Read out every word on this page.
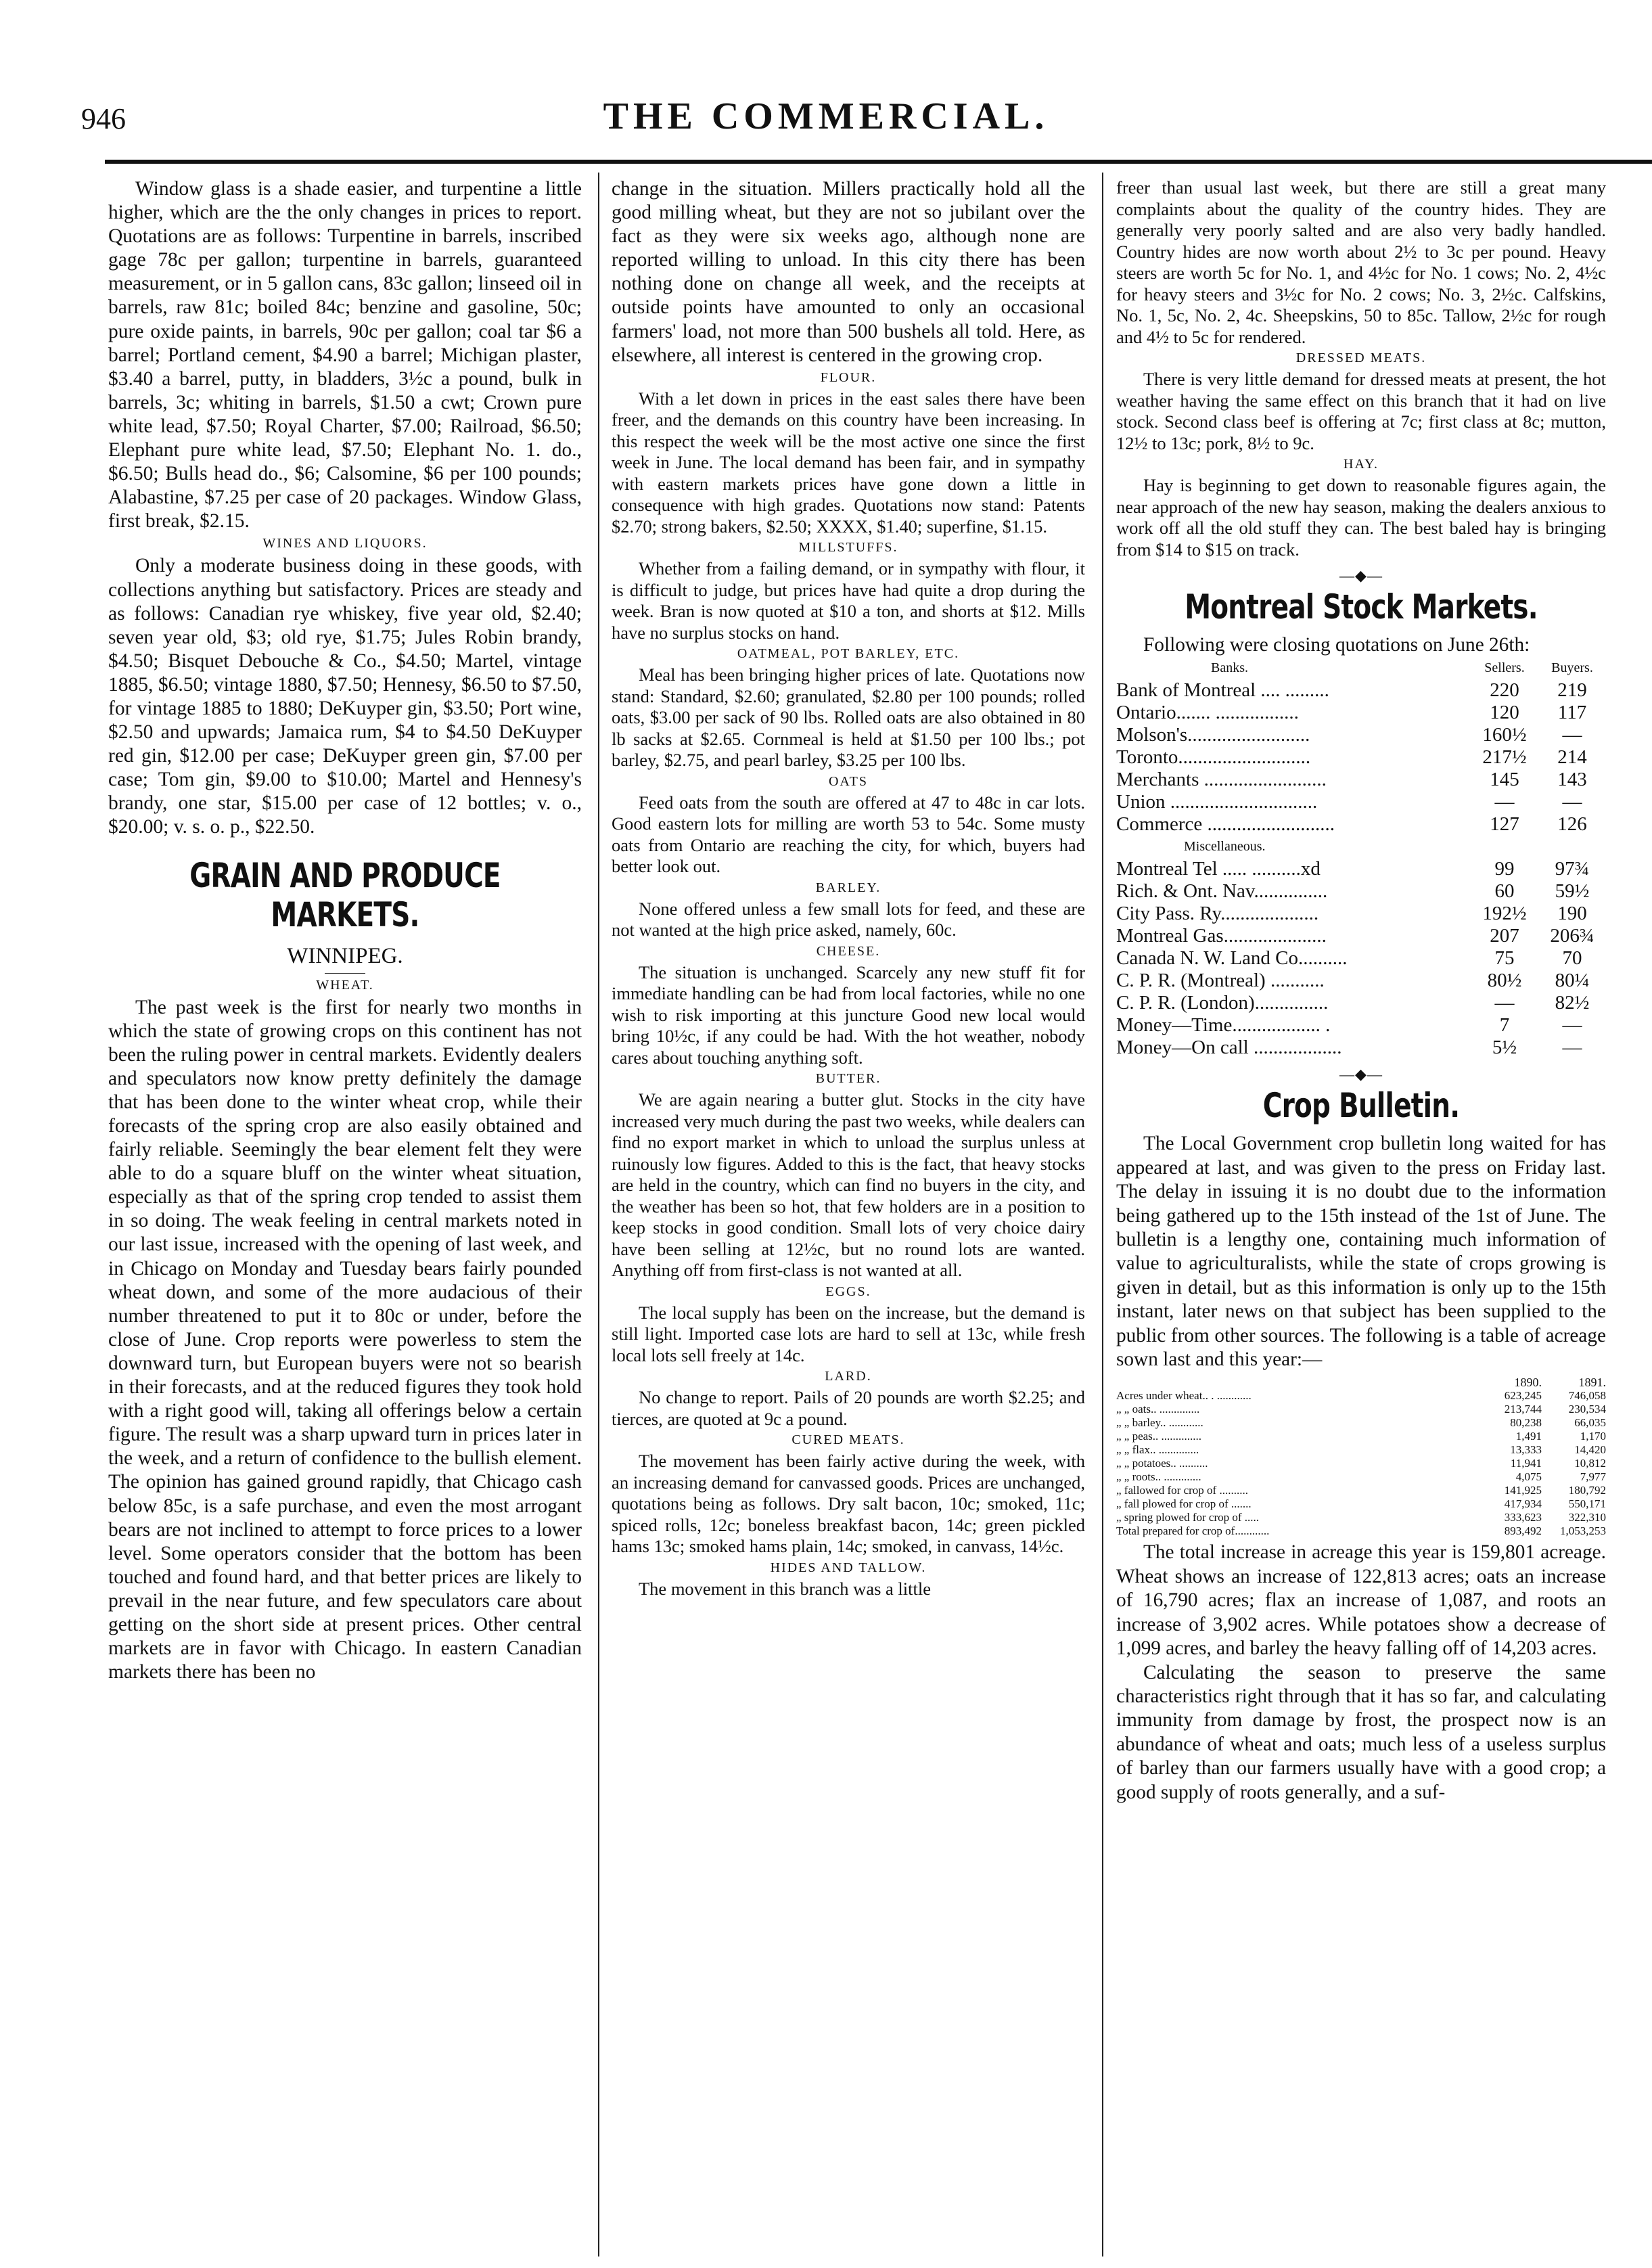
946	THE COMMERCIAL.

Window glass is a shade easier, and turpentine a little higher, which are the the only changes in prices to report. Quotations are as follows: Turpentine in barrels, inscribed gage 78c per gallon; turpentine in barrels, guaranteed measurement, or in 5 gallon cans, 83c gallon; linseed oil in barrels, raw 81c; boiled 84c; benzine and gasoline, 50c; pure oxide paints, in barrels, 90c per gallon; coal tar $6 a barrel; Portland cement, $4.90 a barrel; Michigan plaster, $3.40 a barrel, putty, in bladders, 3½c a pound, bulk in barrels, 3c; whiting in barrels, $1.50 a cwt; Crown pure white lead, $7.50; Royal Charter, $7.00; Railroad, $6.50; Elephant pure white lead, $7.50; Elephant No. 1. do., $6.50; Bulls head do., $6; Calsomine, $6 per 100 pounds; Alabastine, $7.25 per case of 20 packages. Window Glass, first break, $2.15.

WINES AND LIQUORS.

Only a moderate business doing in these goods, with collections anything but satisfactory. Prices are steady and as follows: Canadian rye whiskey, five year old, $2.40; seven year old, $3; old rye, $1.75; Jules Robin brandy, $4.50; Bisquet Debouche & Co., $4.50; Martel, vintage 1885, $6.50; vintage 1880, $7.50; Hennesy, $6.50 to $7.50, for vintage 1885 to 1880; DeKuyper gin, $3.50; Port wine, $2.50 and upwards; Jamaica rum, $4 to $4.50 DeKuyper red gin, $12.00 per case; DeKuyper green gin, $7.00 per case; Tom gin, $9.00 to $10.00; Martel and Hennesy's brandy, one star, $15.00 per case of 12 bottles; v. o., $20.00; v. s. o. p., $22.50.

GRAIN AND PRODUCE MARKETS.
WINNIPEG.
WHEAT.

The past week is the first for nearly two months in which the state of growing crops on this continent has not been the ruling power in central markets. Evidently dealers and speculators now know pretty definitely the damage that has been done to the winter wheat crop, while their forecasts of the spring crop are also easily obtained and fairly reliable. Seemingly the bear element felt they were able to do a square bluff on the winter wheat situation, especially as that of the spring crop tended to assist them in so doing. The weak feeling in central markets noted in our last issue, increased with the opening of last week, and in Chicago on Monday and Tuesday bears fairly pounded wheat down, and some of the more audacious of their number threatened to put it to 80c or under, before the close of June. Crop reports were powerless to stem the downward turn, but European buyers were not so bearish in their forecasts, and at the reduced figures they took hold with a right good will, taking all offerings below a certain figure. The result was a sharp upward turn in prices later in the week, and a return of confidence to the bullish element. The opinion has gained ground rapidly, that Chicago cash below 85c, is a safe purchase, and even the most arrogant bears are not inclined to attempt to force prices to a lower level. Some operators consider that the bottom has been touched and found hard, and that better prices are likely to prevail in the near future, and few speculators care about getting on the short side at present prices. Other central markets are in favor with Chicago. In eastern Canadian markets there has been no

change in the situation. Millers practically hold all the good milling wheat, but they are not so jubilant over the fact as they were six weeks ago, although none are reported willing to unload. In this city there has been nothing done on change all week, and the receipts at outside points have amounted to only an occasional farmers' load, not more than 500 bushels all told. Here, as elsewhere, all interest is centered in the growing crop.

FLOUR.

With a let down in prices in the east sales there have been freer, and the demands on this country have been increasing. In this respect the week will be the most active one since the first week in June. The local demand has been fair, and in sympathy with eastern markets prices have gone down a little in consequence with high grades. Quotations now stand: Patents $2.70; strong bakers, $2.50; XXXX, $1.40; superfine, $1.15.

MILLSTUFFS.

Whether from a failing demand, or in sympathy with flour, it is difficult to judge, but prices have had quite a drop during the week. Bran is now quoted at $10 a ton, and shorts at $12. Mills have no surplus stocks on hand.

OATMEAL, POT BARLEY, ETC.

Meal has been bringing higher prices of late. Quotations now stand: Standard, $2.60; granulated, $2.80 per 100 pounds; rolled oats, $3.00 per sack of 90 lbs. Rolled oats are also obtained in 80 lb sacks at $2.65. Cornmeal is held at $1.50 per 100 lbs.; pot barley, $2.75, and pearl barley, $3.25 per 100 lbs.

OATS

Feed oats from the south are offered at 47 to 48c in car lots. Good eastern lots for milling are worth 53 to 54c. Some musty oats from Ontario are reaching the city, for which, buyers had better look out.

BARLEY.

None offered unless a few small lots for feed, and these are not wanted at the high price asked, namely, 60c.

CHEESE.

The situation is unchanged. Scarcely any new stuff fit for immediate handling can be had from local factories, while no one wish to risk importing at this juncture Good new local would bring 10½c, if any could be had. With the hot weather, nobody cares about touching anything soft.

BUTTER.

We are again nearing a butter glut. Stocks in the city have increased very much during the past two weeks, while dealers can find no export market in which to unload the surplus unless at ruinously low figures. Added to this is the fact, that heavy stocks are held in the country, which can find no buyers in the city, and the weather has been so hot, that few holders are in a position to keep stocks in good condition. Small lots of very choice dairy have been selling at 12½c, but no round lots are wanted. Anything off from first-class is not wanted at all.

EGGS.

The local supply has been on the increase, but the demand is still light. Imported case lots are hard to sell at 13c, while fresh local lots sell freely at 14c.

LARD.

No change to report. Pails of 20 pounds are worth $2.25; and tierces, are quoted at 9c a pound.

CURED MEATS.

The movement has been fairly active during the week, with an increasing demand for canvassed goods. Prices are unchanged, quotations being as follows. Dry salt bacon, 10c; smoked, 11c; spiced rolls, 12c; boneless breakfast bacon, 14c; green pickled hams 13c; smoked hams plain, 14c; smoked, in canvass, 14½c.

HIDES AND TALLOW.

The movement in this branch was a little

freer than usual last week, but there are still a great many complaints about the quality of the country hides. They are generally very poorly salted and are also very badly handled. Country hides are now worth about 2½ to 3c per pound. Heavy steers are worth 5c for No. 1, and 4½c for No. 1 cows; No. 2, 4½c for heavy steers and 3½c for No. 2 cows; No. 3, 2½c. Calfskins, No. 1, 5c, No. 2, 4c. Sheepskins, 50 to 85c. Tallow, 2½c for rough and 4½ to 5c for rendered.

DRESSED MEATS.

There is very little demand for dressed meats at present, the hot weather having the same effect on this branch that it had on live stock. Second class beef is offering at 7c; first class at 8c; mutton, 12½ to 13c; pork, 8½ to 9c.

HAY.

Hay is beginning to get down to reasonable figures again, the near approach of the new hay season, making the dealers anxious to work off all the old stuff they can. The best baled hay is bringing from $14 to $15 on track.

—◆—
Montreal Stock Markets.

Following were closing quotations on June 26th:

Banks.	Sellers.	Buyers.
Bank of Montreal .... .........	220	219
Ontario....... .................	120	117
Molson's.........................	160½	—
Toronto...........................	217½	214
Merchants .........................	145	143
Union ..............................	—	—
Commerce ..........................	127	126
Miscellaneous.		
Montreal Tel ..... ..........xd	99	97¾
Rich. & Ont. Nav...............	60	59½
City Pass. Ry....................	192½	190
Montreal Gas.....................	207	206¾
Canada N. W. Land Co..........	75	70
C. P. R. (Montreal) ...........	80½	80¼
C. P. R. (London)...............	—	82½
Money—Time.................. .	7	—
Money—On call ..................	5½	—
—◆—
Crop Bulletin.

The Local Government crop bulletin long waited for has appeared at last, and was given to the press on Friday last. The delay in issuing it is no doubt due to the information being gathered up to the 15th instead of the 1st of June. The bulletin is a lengthy one, containing much information of value to agriculturalists, while the state of crops growing is given in detail, but as this information is only up to the 15th instant, later news on that subject has been supplied to the public from other sources. The following is a table of acreage sown last and this year:—

	1890.	1891.
Acres under wheat.. . ............	623,245	746,058
„ „ oats.. ..............	213,744	230,534
„ „ barley.. ............	80,238	66,035
„ „ peas.. ..............	1,491	1,170
„ „ flax.. ..............	13,333	14,420
„ „ potatoes.. ..........	11,941	10,812
„ „ roots.. .............	4,075	7,977
„ fallowed for crop of ..........	141,925	180,792
„ fall plowed for crop of .......	417,934	550,171
„ spring plowed for crop of .....	333,623	322,310
Total prepared for crop of............	893,492	1,053,253

The total increase in acreage this year is 159,801 acreage. Wheat shows an increase of 122,813 acres; oats an increase of 16,790 acres; flax an increase of 1,087, and roots an increase of 3,902 acres. While potatoes show a decrease of 1,099 acres, and barley the heavy falling off of 14,203 acres.

Calculating the season to preserve the same characteristics right through that it has so far, and calculating immunity from damage by frost, the prospect now is an abundance of wheat and oats; much less of a useless surplus of barley than our farmers usually have with a good crop; a good supply of roots generally, and a suf-
